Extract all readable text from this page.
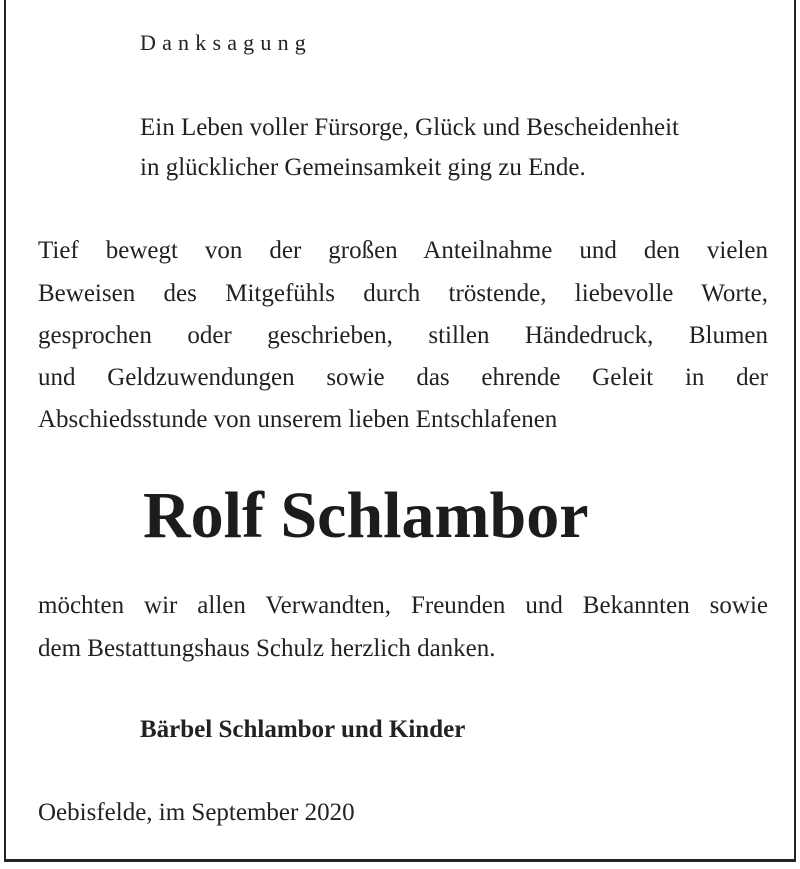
Danksagung
Ein Leben voller Fürsorge, Glück und Bescheidenheit
in glücklicher Gemeinsamkeit ging zu Ende.
Tief bewegt von der großen Anteilnahme und den vielen
Beweisen des Mitgefühls durch tröstende, liebevolle Worte,
gesprochen oder geschrieben, stillen Händedruck, Blumen
und Geldzuwendungen sowie das ehrende Geleit in der
Abschiedsstunde von unserem lieben Entschlafenen
Rolf Schlambor
möchten wir allen Verwandten, Freunden und Bekannten sowie
dem Bestattungshaus Schulz herzlich danken.
Bärbel Schlambor und Kinder
Oebisfelde, im September 2020
